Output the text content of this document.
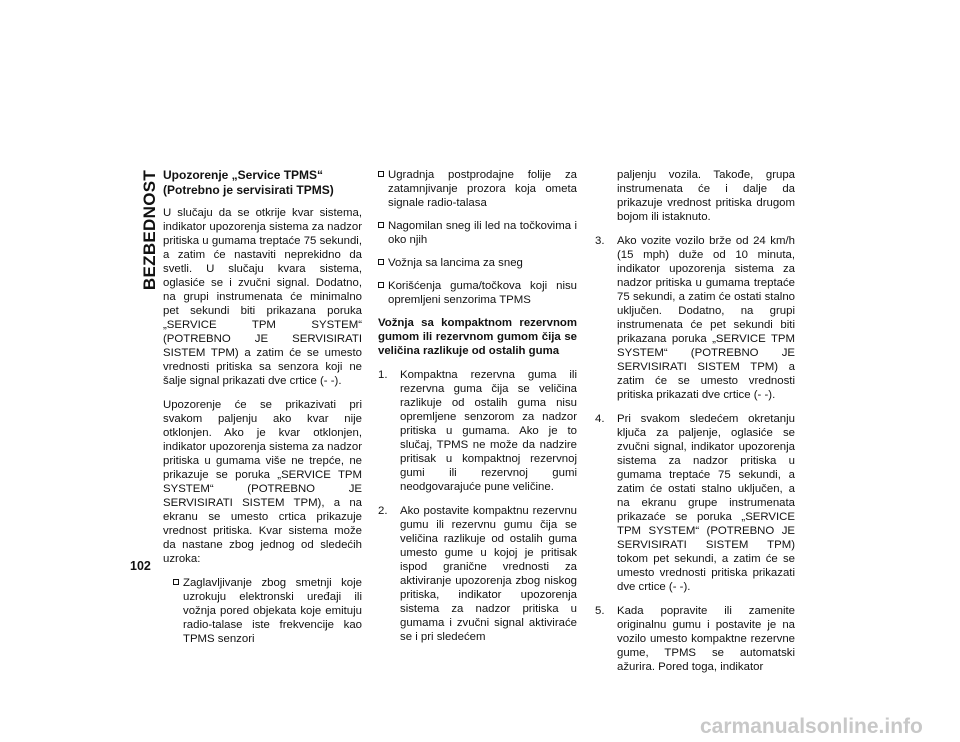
BEZBEDNOST Upozorenje „Service TPMS“ (Potrebno je servisirati TPMS)

U slučaju da se otkrije kvar sistema, indikator upozorenja sistema za nadzor pritiska u gumama treptaće 75 sekundi, a zatim će nastaviti neprekidno da svetli. U slučaju kvara sistema, oglasiće se i zvučni signal. Dodatno, na grupi instrumenata će minimalno pet sekundi biti prikazana poruka „SERVICE TPM SYSTEM“ (POTREBNO JE SERVISIRATI SISTEM TPM) a zatim će se umesto vrednosti pritiska sa senzora koji ne šalje signal prikazati dve crtice (- -).

Upozorenje će se prikazivati pri svakom paljenju ako kvar nije otklonjen. Ako je kvar otklonjen, indikator upozorenja sistema za nadzor pritiska u gumama više ne trepće, ne prikazuje se poruka „SERVICE TPM SYSTEM“ (POTREBNO JE SERVISIRATI SISTEM TPM), a na ekranu se umesto crtica prikazuje vrednost pritiska. Kvar sistema može da nastane zbog jednog od sledećih uzroka:

Zaglavljivanje zbog smetnji koje uzrokuju elektronski uređaji ili vožnja pored objekata koje emituju radio-talase iste frekvencije kao TPMS senzori
Ugradnja postprodajne folije za zatamnjivanje prozora koja ometa signale radio-talasa
Nagomilan sneg ili led na točkovima i oko njih
Vožnja sa lancima za sneg
Korišćenja guma/točkova koji nisu opremljeni senzorima TPMS
Vožnja sa kompaktnom rezervnom gumom ili rezervnom gumom čija se veličina razlikuje od ostalih guma
1. Kompaktna rezervna guma ili rezervna guma čija se veličina razlikuje od ostalih guma nisu opremljene senzorom za nadzor pritiska u gumama. Ako je to slučaj, TPMS ne može da nadzire pritisak u kompaktnoj rezervnoj gumi ili rezervnoj gumi neodgovarajuće pune veličine.
2. Ako postavite kompaktnu rezervnu gumu ili rezervnu gumu čija se veličina razlikuje od ostalih guma umesto gume u kojoj je pritisak ispod granične vrednosti za aktiviranje upozorenja zbog niskog pritiska, indikator upozorenja sistema za nadzor pritiska u gumama i zvučni signal aktiviraće se i pri sledećem
paljenju vozila. Takođe, grupa instrumenata će i dalje da prikazuje vrednost pritiska drugom bojom ili istaknuto.
3. Ako vozite vozilo brže od 24 km/h (15 mph) duže od 10 minuta, indikator upozorenja sistema za nadzor pritiska u gumama treptaće 75 sekundi, a zatim će ostati stalno uključen. Dodatno, na grupi instrumenata će pet sekundi biti prikazana poruka „SERVICE TPM SYSTEM“ (POTREBNO JE SERVISIRATI SISTEM TPM) a zatim će se umesto vrednosti pritiska prikazati dve crtice (- -).
4. Pri svakom sledećem okretanju ključa za paljenje, oglasiće se zvučni signal, indikator upozorenja sistema za nadzor pritiska u gumama treptaće 75 sekundi, a zatim će ostati stalno uključen, a na ekranu grupe instrumenata prikazaće se poruka „SERVICE TPM SYSTEM“ (POTREBNO JE SERVISIRATI SISTEM TPM) tokom pet sekundi, a zatim će se umesto vrednosti pritiska prikazati dve crtice (- -).
5. Kada popravite ili zamenite originalnu gumu i postavite je na vozilo umesto kompaktne rezervne gume, TPMS se automatski ažurira. Pored toga, indikator
102
carmanualsonline.info
